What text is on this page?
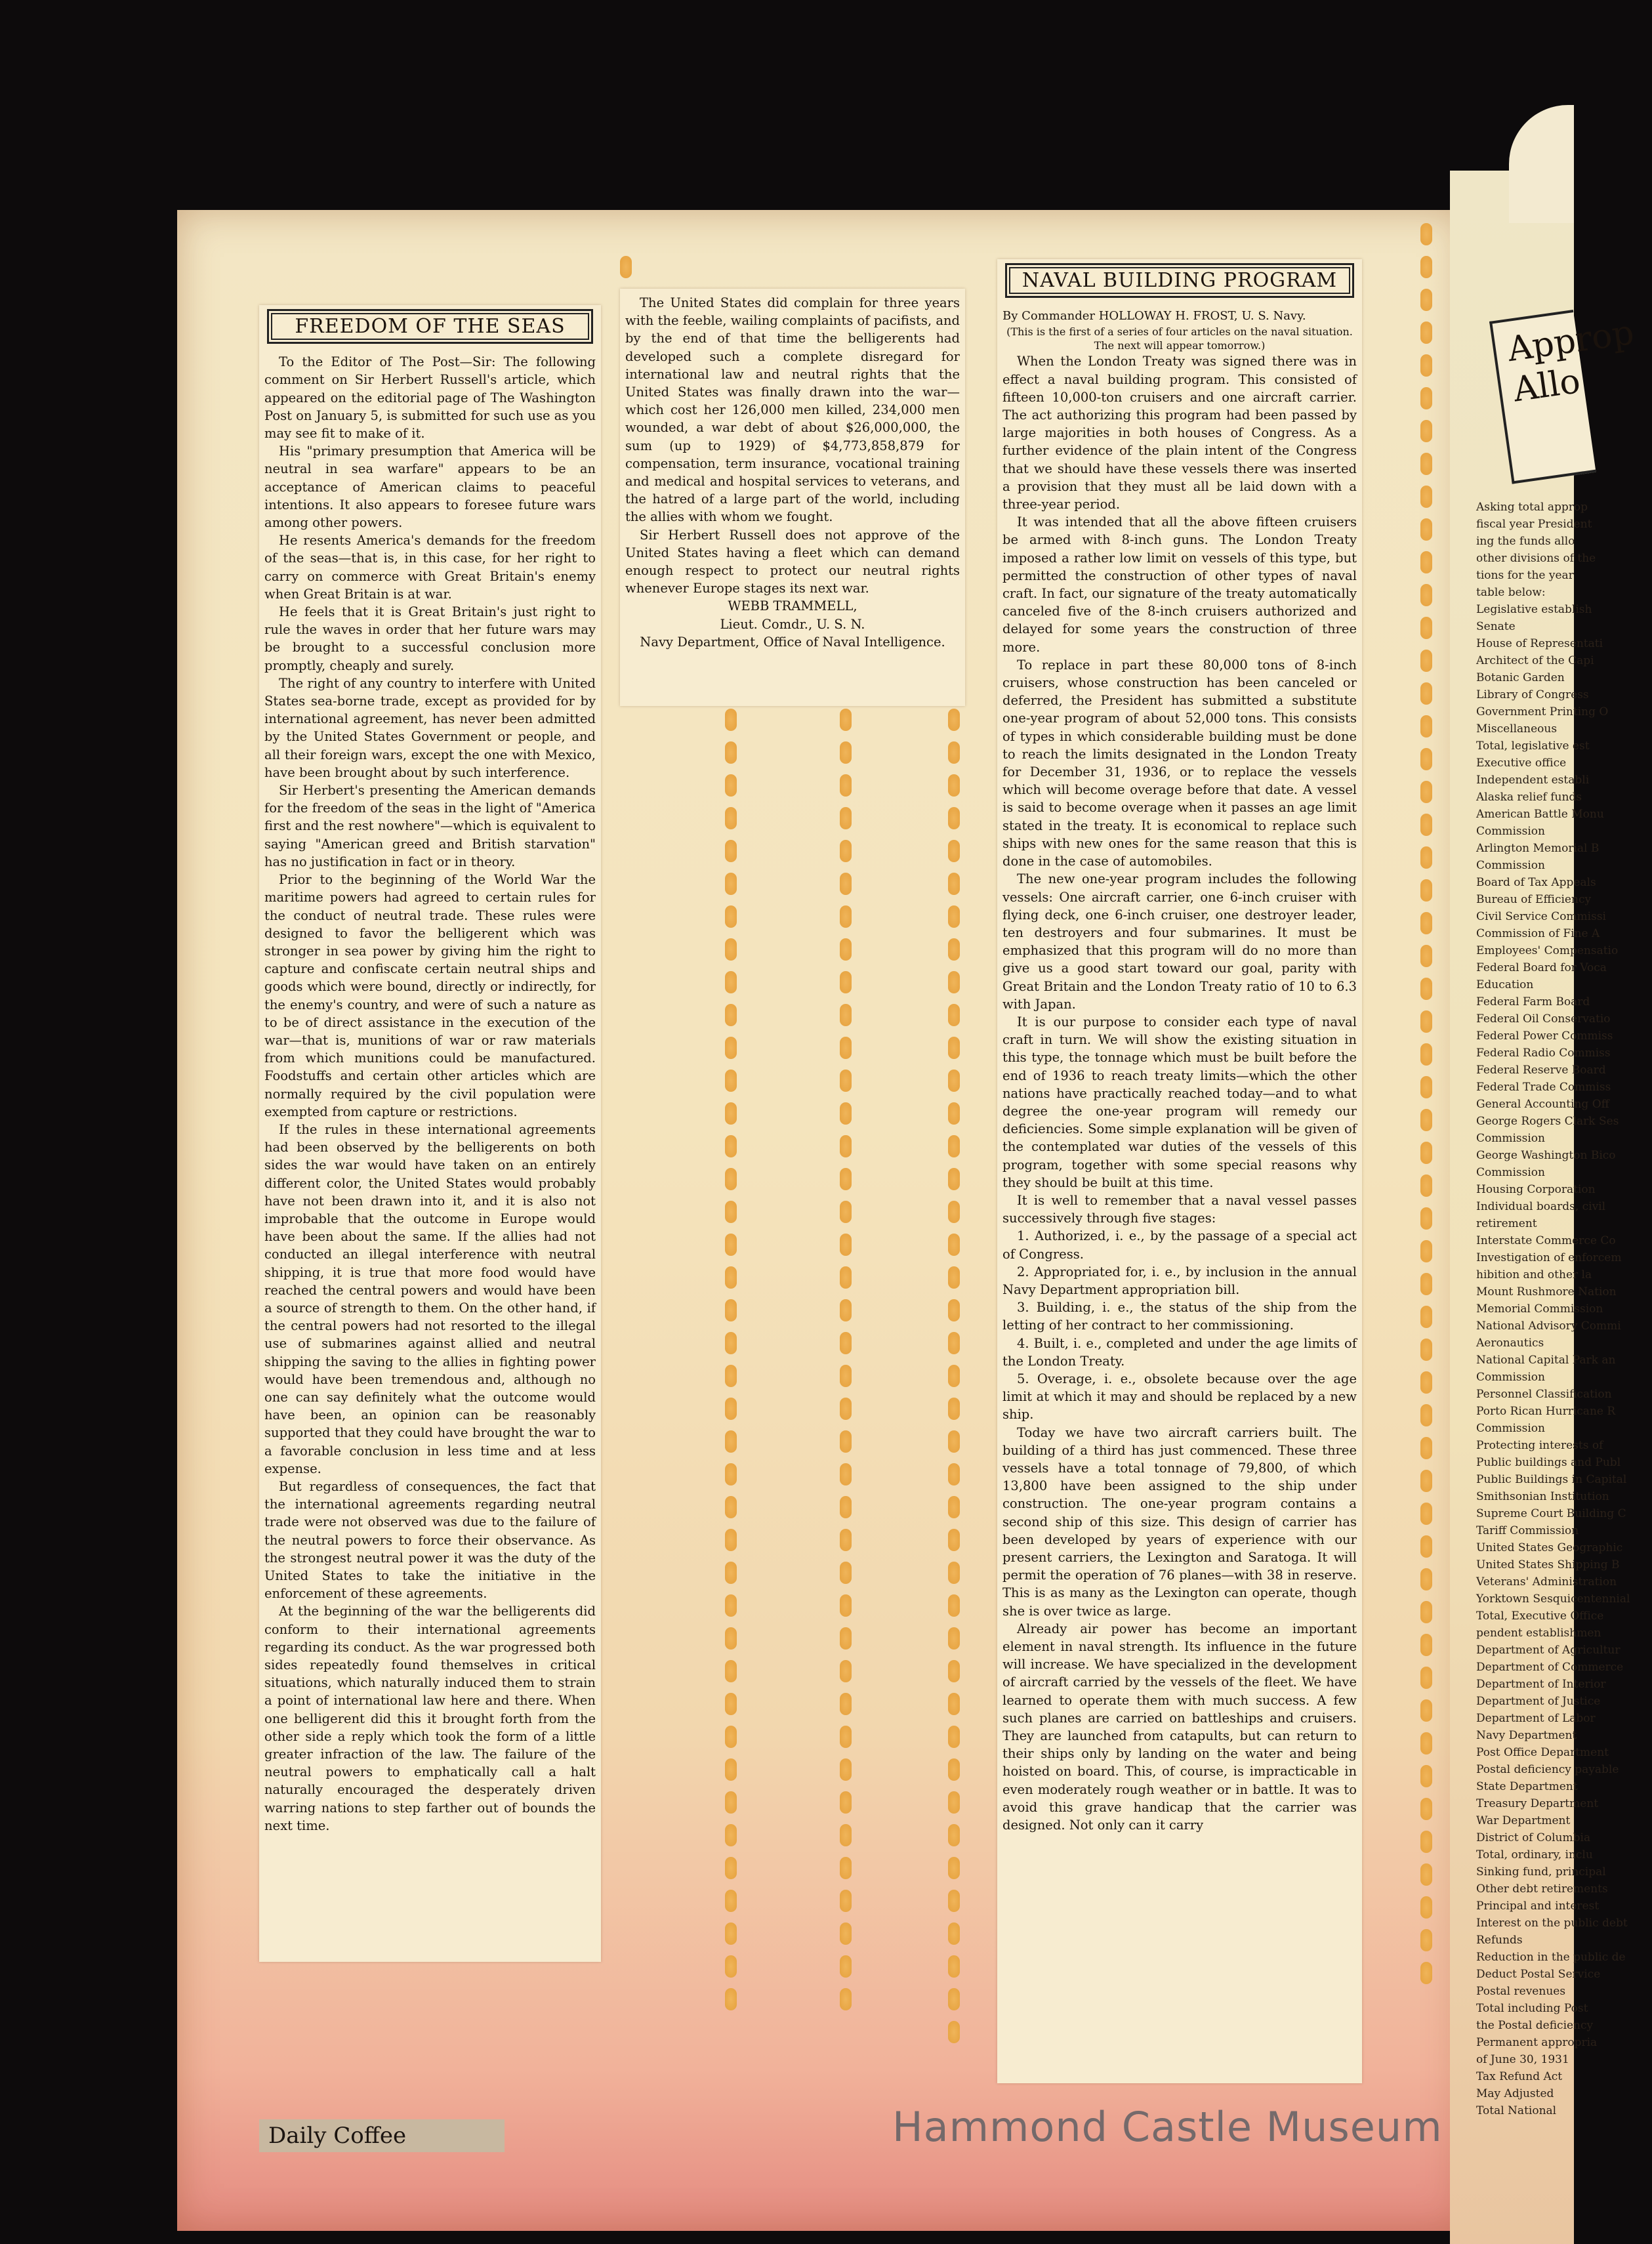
FREEDOM OF THE SEAS

To the Editor of The Post—Sir: The following comment on Sir Herbert Russell's article, which appeared on the editorial page of The Washington Post on January 5, is submitted for such use as you may see fit to make of it.

His "primary presumption that America will be neutral in sea warfare" appears to be an acceptance of American claims to peaceful intentions. It also appears to foresee future wars among other powers.

He resents America's demands for the freedom of the seas—that is, in this case, for her right to carry on commerce with Great Britain's enemy when Great Britain is at war.

He feels that it is Great Britain's just right to rule the waves in order that her future wars may be brought to a successful conclusion more promptly, cheaply and surely.

The right of any country to interfere with United States sea-borne trade, except as provided for by international agreement, has never been admitted by the United States Government or people, and all their foreign wars, except the one with Mexico, have been brought about by such interference.

Sir Herbert's presenting the American demands for the freedom of the seas in the light of "America first and the rest nowhere"—which is equivalent to saying "American greed and British starvation" has no justification in fact or in theory.

Prior to the beginning of the World War the maritime powers had agreed to certain rules for the conduct of neutral trade. These rules were designed to favor the belligerent which was stronger in sea power by giving him the right to capture and confiscate certain neutral ships and goods which were bound, directly or indirectly, for the enemy's country, and were of such a nature as to be of direct assistance in the execution of the war—that is, munitions of war or raw materials from which munitions could be manufactured. Foodstuffs and certain other articles which are normally required by the civil population were exempted from capture or restrictions.

If the rules in these international agreements had been observed by the belligerents on both sides the war would have taken on an entirely different color, the United States would probably have not been drawn into it, and it is also not improbable that the outcome in Europe would have been about the same. If the allies had not conducted an illegal interference with neutral shipping, it is true that more food would have reached the central powers and would have been a source of strength to them. On the other hand, if the central powers had not resorted to the illegal use of submarines against allied and neutral shipping the saving to the allies in fighting power would have been tremendous and, although no one can say definitely what the outcome would have been, an opinion can be reasonably supported that they could have brought the war to a favorable conclusion in less time and at less expense.

But regardless of consequences, the fact that the international agreements regarding neutral trade were not observed was due to the failure of the neutral powers to force their observance. As the strongest neutral power it was the duty of the United States to take the initiative in the enforcement of these agreements.

At the beginning of the war the belligerents did conform to their international agreements regarding its conduct. As the war progressed both sides repeatedly found themselves in critical situations, which naturally induced them to strain a point of international law here and there. When one belligerent did this it brought forth from the other side a reply which took the form of a little greater infraction of the law. The failure of the neutral powers to emphatically call a halt naturally encouraged the desperately driven warring nations to step farther out of bounds the next time.

The United States did complain for three years with the feeble, wailing complaints of pacifists, and by the end of that time the belligerents had developed such a complete disregard for international law and neutral rights that the United States was finally drawn into the war—which cost her 126,000 men killed, 234,000 men wounded, a war debt of about $26,000,000, the sum (up to 1929) of $4,773,858,879 for compensation, term insurance, vocational training and medical and hospital services to veterans, and the hatred of a large part of the world, including the allies with whom we fought.

Sir Herbert Russell does not approve of the United States having a fleet which can demand enough respect to protect our neutral rights whenever Europe stages its next war.

WEBB TRAMMELL,

Lieut. Comdr., U. S. N.

Navy Department, Office of Naval Intelligence.

NAVAL BUILDING PROGRAM

By Commander HOLLOWAY H. FROST, U. S. Navy.

(This is the first of a series of four articles on the naval situation. The next will appear tomorrow.)

When the London Treaty was signed there was in effect a naval building program. This consisted of fifteen 10,000-ton cruisers and one aircraft carrier. The act authorizing this program had been passed by large majorities in both houses of Congress. As a further evidence of the plain intent of the Congress that we should have these vessels there was inserted a provision that they must all be laid down with a three-year period.

It was intended that all the above fifteen cruisers be armed with 8-inch guns. The London Treaty imposed a rather low limit on vessels of this type, but permitted the construction of other types of naval craft. In fact, our signature of the treaty automatically canceled five of the 8-inch cruisers authorized and delayed for some years the construction of three more.

To replace in part these 80,000 tons of 8-inch cruisers, whose construction has been canceled or deferred, the President has submitted a substitute one-year program of about 52,000 tons. This consists of types in which considerable building must be done to reach the limits designated in the London Treaty for December 31, 1936, or to replace the vessels which will become overage before that date. A vessel is said to become overage when it passes an age limit stated in the treaty. It is economical to replace such ships with new ones for the same reason that this is done in the case of automobiles.

The new one-year program includes the following vessels: One aircraft carrier, one 6-inch cruiser with flying deck, one 6-inch cruiser, one destroyer leader, ten destroyers and four submarines. It must be emphasized that this program will do no more than give us a good start toward our goal, parity with Great Britain and the London Treaty ratio of 10 to 6.3 with Japan.

It is our purpose to consider each type of naval craft in turn. We will show the existing situation in this type, the tonnage which must be built before the end of 1936 to reach treaty limits—which the other nations have practically reached today—and to what degree the one-year program will remedy our deficiencies. Some simple explanation will be given of the contemplated war duties of the vessels of this program, together with some special reasons why they should be built at this time.

It is well to remember that a naval vessel passes successively through five stages:

1. Authorized, i. e., by the passage of a special act of Congress.

2. Appropriated for, i. e., by inclusion in the annual Navy Department appropriation bill.

3. Building, i. e., the status of the ship from the letting of her contract to her commissioning.

4. Built, i. e., completed and under the age limits of the London Treaty.

5. Overage, i. e., obsolete because over the age limit at which it may and should be replaced by a new ship.

Today we have two aircraft carriers built. The building of a third has just commenced. These three vessels have a total tonnage of 79,800, of which 13,800 have been assigned to the ship under construction. The one-year program contains a second ship of this size. This design of carrier has been developed by years of experience with our present carriers, the Lexington and Saratoga. It will permit the operation of 76 planes—with 38 in reserve. This is as many as the Lexington can operate, though she is over twice as large.

Already air power has become an important element in naval strength. Its influence in the future will increase. We have specialized in the development of aircraft carried by the vessels of the fleet. We have learned to operate them with much success. A few such planes are carried on battleships and cruisers. They are launched from catapults, but can return to their ships only by landing on the water and being hoisted on board. This, of course, is impracticable in even moderately rough weather or in battle. It was to avoid this grave handicap that the carrier was designed. Not only can it carry

Approp Allo
Asking total approp
fiscal year President
ing the funds allo
other divisions of the
tions for the year
table below:
Legislative establish
Senate
House of Representati
Architect of the Capi
Botanic Garden
Library of Congress
Government Printing O
Miscellaneous
Total, legislative est
Executive office
Independent establi
Alaska relief funds
American Battle Monu
Commission
Arlington Memorial B
Commission
Board of Tax Appeals
Bureau of Efficiency
Civil Service Commissi
Commission of Fine A
Employees' Compensatio
Federal Board for Voca
Education
Federal Farm Board
Federal Oil Conservatio
Federal Power Commiss
Federal Radio Commiss
Federal Reserve Board
Federal Trade Commiss
General Accounting Off
George Rogers Clark Ses
Commission
George Washington Bico
Commission
Housing Corporation
Individual boards, civil
retirement
Interstate Commerce Co
Investigation of enforcem
hibition and other la
Mount Rushmore Nation
Memorial Commission
National Advisory Commi
Aeronautics
National Capital Park an
Commission
Personnel Classification
Porto Rican Hurricane R
Commission
Protecting interests of
Public buildings and Publ
Public Buildings in Capital
Smithsonian Institution
Supreme Court Building C
Tariff Commission
United States Geographic
United States Shipping B
Veterans' Administration
Yorktown Sesquicentennial
Total, Executive Office
pendent establishmen
Department of Agricultur
Department of Commerce
Department of Interior
Department of Justice
Department of Labor
Navy Department
Post Office Department
Postal deficiency payable
State Department
Treasury Department
War Department
District of Columbia
Total, ordinary, inclu
Sinking fund, principal
Other debt retirements
Principal and interest
Interest on the public debt
Refunds
Reduction in the public de
Deduct Postal Service
Postal revenues
Total including Post
the Postal deficiency
Permanent appropria
of June 30, 1931
Tax Refund Act
May Adjusted
Total National
Daily Coffee	Hammond Castle Museum
